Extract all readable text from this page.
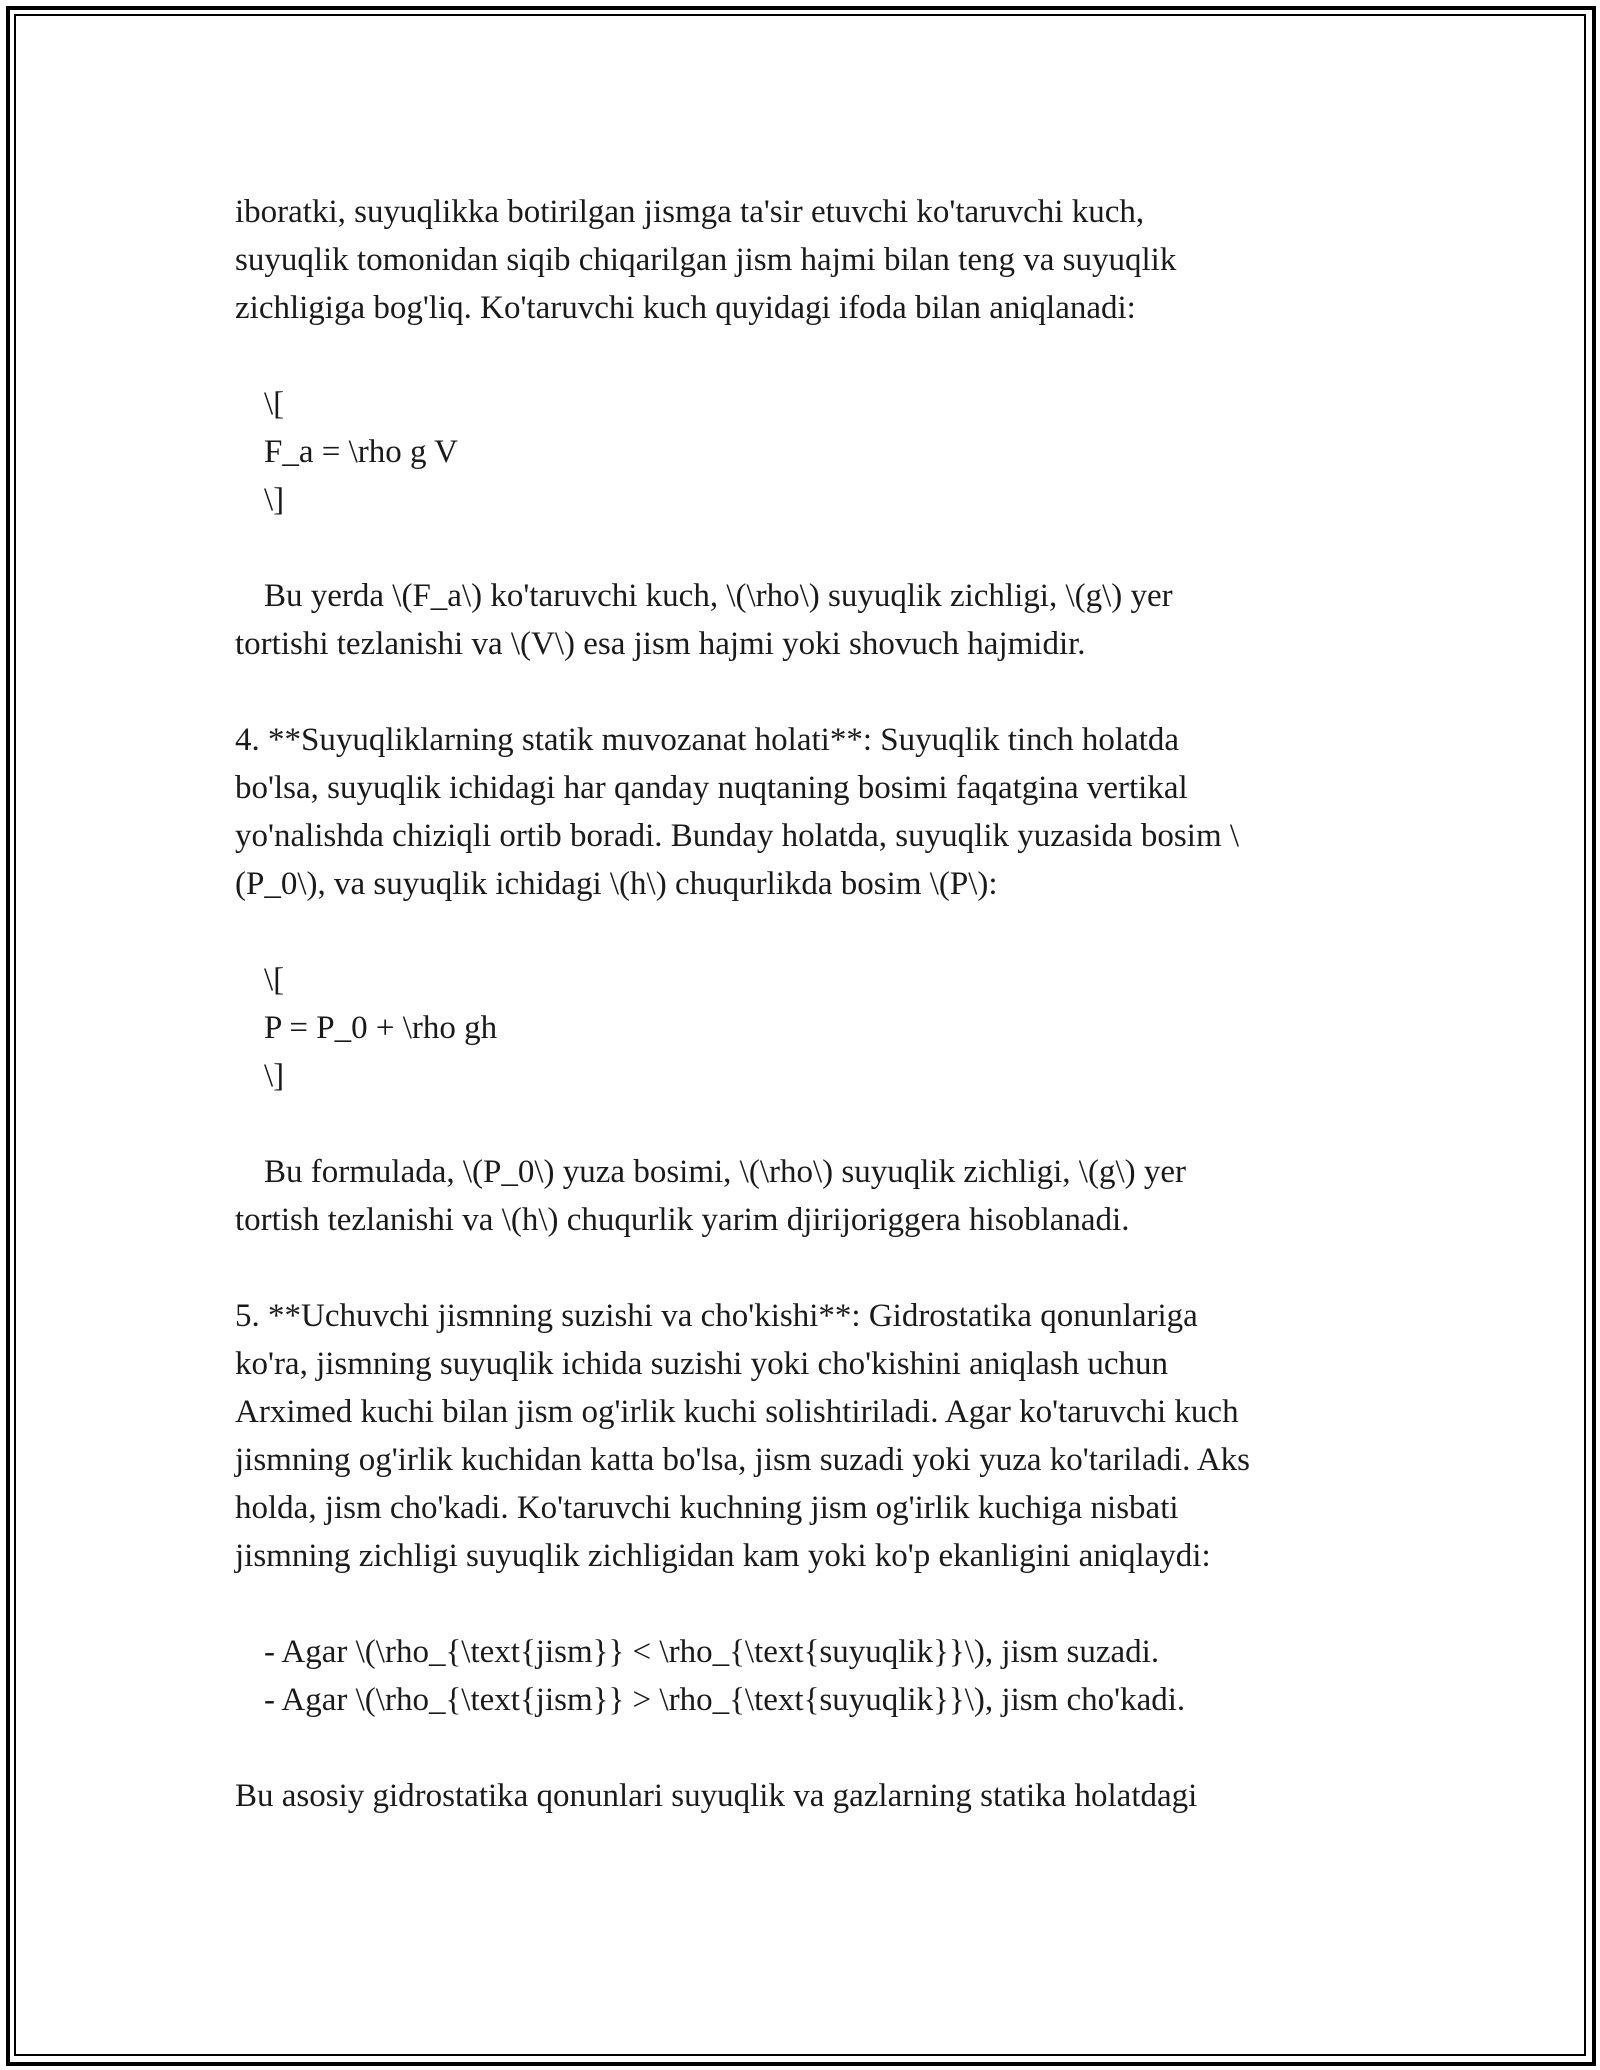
iboratki, suyuqlikka botirilgan jismga ta'sir etuvchi ko'taruvchi kuch,
suyuqlik tomonidan siqib chiqarilgan jism hajmi bilan teng va suyuqlik
zichligiga bog'liq. Ko'taruvchi kuch quyidagi ifoda bilan aniqlanadi:
\[
F_a = \rho g V
\]
Bu yerda \(F_a\) ko'taruvchi kuch, \(\rho\) suyuqlik zichligi, \(g\) yer
tortishi tezlanishi va \(V\) esa jism hajmi yoki shovuch hajmidir.
4. **Suyuqliklarning statik muvozanat holati**: Suyuqlik tinch holatda
bo'lsa, suyuqlik ichidagi har qanday nuqtaning bosimi faqatgina vertikal
yo'nalishda chiziqli ortib boradi. Bunday holatda, suyuqlik yuzasida bosim \
(P_0\), va suyuqlik ichidagi \(h\) chuqurlikda bosim \(P\):
\[
P = P_0 + \rho gh
\]
Bu formulada, \(P_0\) yuza bosimi, \(\rho\) suyuqlik zichligi, \(g\) yer
tortish tezlanishi va \(h\) chuqurlik yarim djirijoriggera hisoblanadi.
5. **Uchuvchi jismning suzishi va cho'kishi**: Gidrostatika qonunlariga
ko'ra, jismning suyuqlik ichida suzishi yoki cho'kishini aniqlash uchun
Arximed kuchi bilan jism og'irlik kuchi solishtiriladi. Agar ko'taruvchi kuch
jismning og'irlik kuchidan katta bo'lsa, jism suzadi yoki yuza ko'tariladi. Aks
holda, jism cho'kadi. Ko'taruvchi kuchning jism og'irlik kuchiga nisbati
jismning zichligi suyuqlik zichligidan kam yoki ko'p ekanligini aniqlaydi:
- Agar \(\rho_{\text{jism}} < \rho_{\text{suyuqlik}}\), jism suzadi.
- Agar \(\rho_{\text{jism}} > \rho_{\text{suyuqlik}}\), jism cho'kadi.
Bu asosiy gidrostatika qonunlari suyuqlik va gazlarning statika holatdagi
